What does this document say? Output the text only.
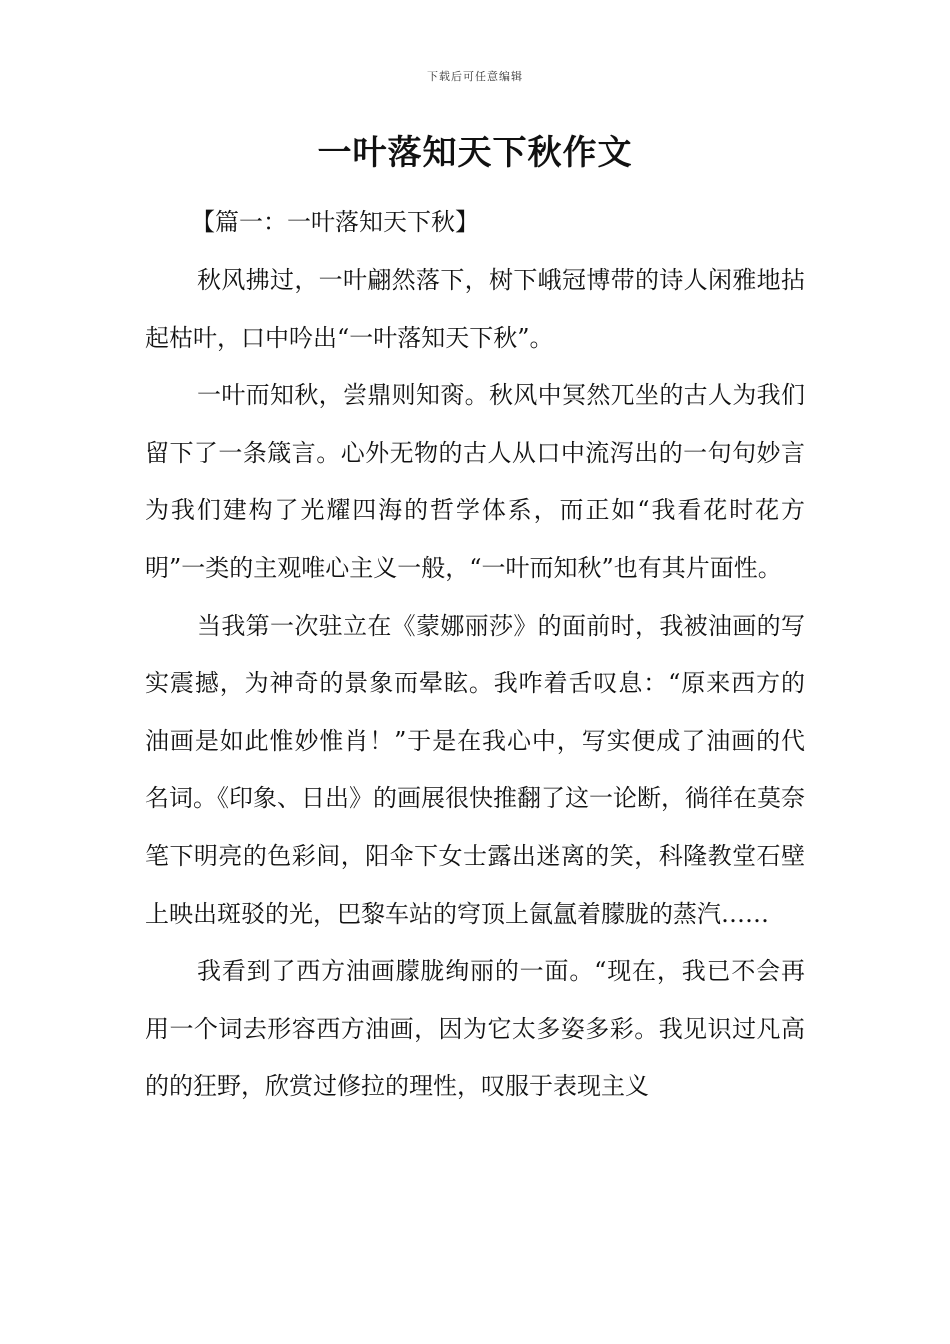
下载后可任意编辑
一叶落知天下秋作文
【篇一：一叶落知天下秋】

秋风拂过，一叶翩然落下，树下峨冠博带的诗人闲雅地拈起枯叶，口中吟出“一叶落知天下秋”。

一叶而知秋，尝鼎则知脔。秋风中冥然兀坐的古人为我们留下了一条箴言。心外无物的古人从口中流泻出的一句句妙言为我们建构了光耀四海的哲学体系，而正如“我看花时花方明”一类的主观唯心主义一般，“一叶而知秋”也有其片面性。

当我第一次驻立在《蒙娜丽莎》的面前时，我被油画的写实震撼，为神奇的景象而晕眩。我咋着舌叹息：“原来西方的油画是如此惟妙惟肖！”于是在我心中，写实便成了油画的代名词。《印象、日出》的画展很快推翻了这一论断，徜徉在莫奈笔下明亮的色彩间，阳伞下女士露出迷离的笑，科隆教堂石壁上映出斑驳的光，巴黎车站的穹顶上氤氲着朦胧的蒸汽……

我看到了西方油画朦胧绚丽的一面。“现在，我已不会再用一个词去形容西方油画，因为它太多姿多彩。我见识过凡高的的狂野，欣赏过修拉的理性，叹服于表现主义
